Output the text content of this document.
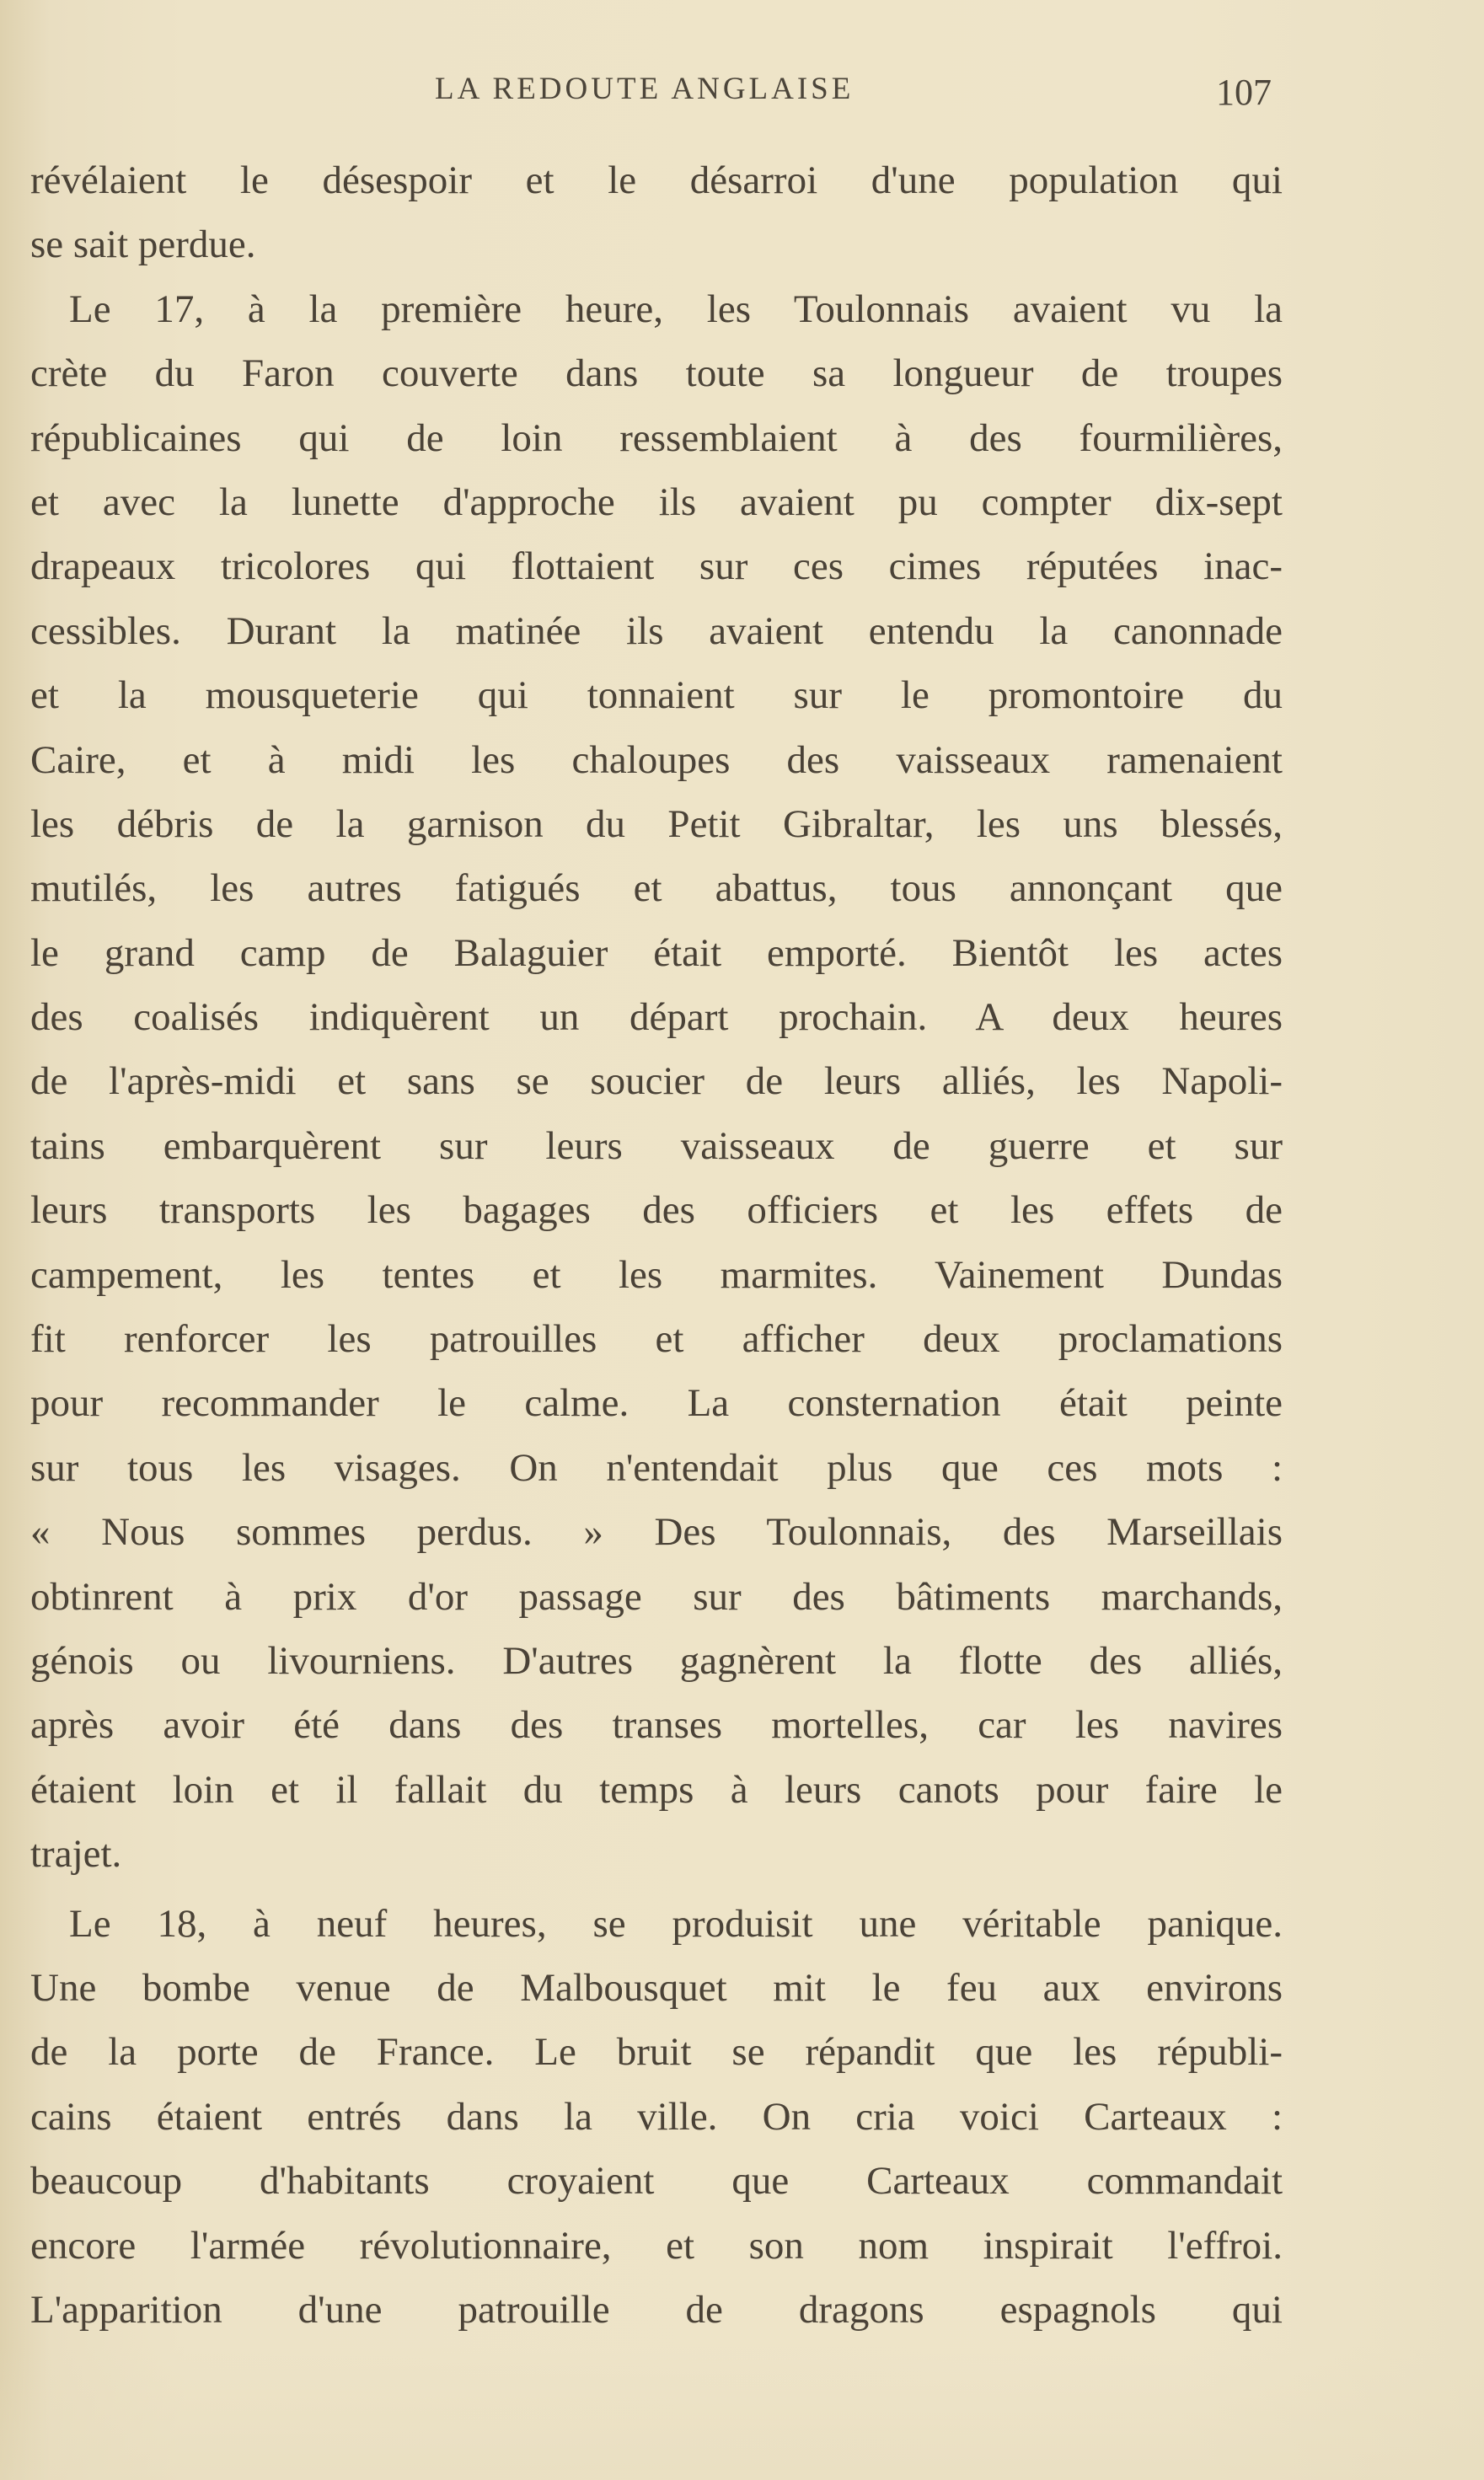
LA REDOUTE ANGLAISE	107
révélaient le désespoir et le désarroi d'une population qui
se sait perdue.
Le 17, à la première heure, les Toulonnais avaient vu la
crète du Faron couverte dans toute sa longueur de troupes
républicaines qui de loin ressemblaient à des fourmilières,
et avec la lunette d'approche ils avaient pu compter dix-sept
drapeaux tricolores qui flottaient sur ces cimes réputées inac-
cessibles. Durant la matinée ils avaient entendu la canonnade
et la mousqueterie qui tonnaient sur le promontoire du
Caire, et à midi les chaloupes des vaisseaux ramenaient
les débris de la garnison du Petit Gibraltar, les uns blessés,
mutilés, les autres fatigués et abattus, tous annonçant que
le grand camp de Balaguier était emporté. Bientôt les actes
des coalisés indiquèrent un départ prochain. A deux heures
de l'après-midi et sans se soucier de leurs alliés, les Napoli-
tains embarquèrent sur leurs vaisseaux de guerre et sur
leurs transports les bagages des officiers et les effets de
campement, les tentes et les marmites. Vainement Dundas
fit renforcer les patrouilles et afficher deux proclamations
pour recommander le calme. La consternation était peinte
sur tous les visages. On n'entendait plus que ces mots :
« Nous sommes perdus. » Des Toulonnais, des Marseillais
obtinrent à prix d'or passage sur des bâtiments marchands,
génois ou livourniens. D'autres gagnèrent la flotte des alliés,
après avoir été dans des transes mortelles, car les navires
étaient loin et il fallait du temps à leurs canots pour faire le
trajet.
Le 18, à neuf heures, se produisit une véritable panique.
Une bombe venue de Malbousquet mit le feu aux environs
de la porte de France. Le bruit se répandit que les républi-
cains étaient entrés dans la ville. On cria voici Carteaux :
beaucoup d'habitants croyaient que Carteaux commandait
encore l'armée révolutionnaire, et son nom inspirait l'effroi.
L'apparition d'une patrouille de dragons espagnols qui
